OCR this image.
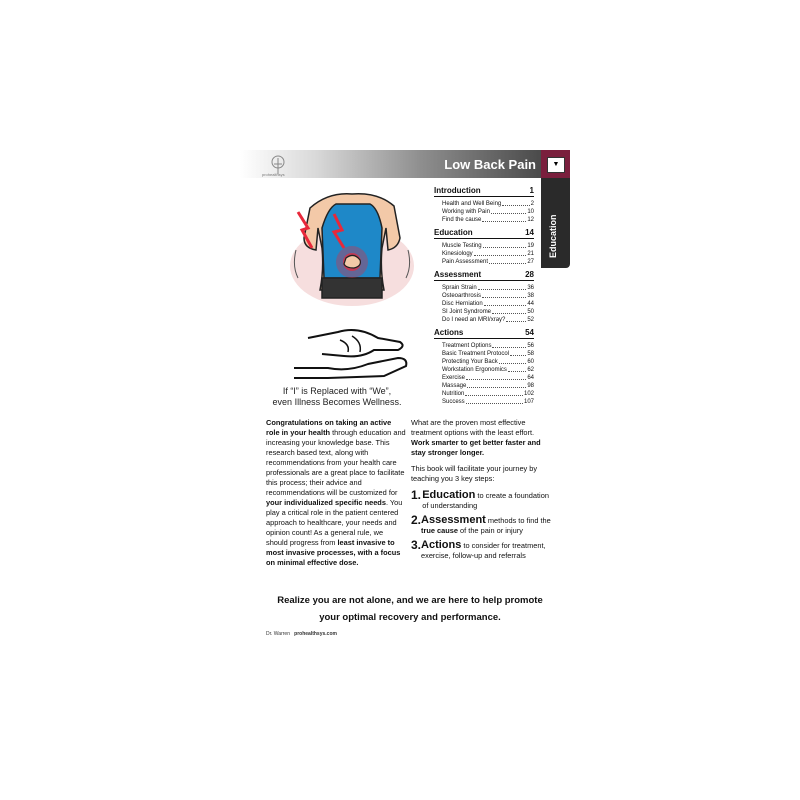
Low Back Pain
prohealthsys
▼
Education
If “I” is Replaced with “We”,
even Illness Becomes Wellness.
Introduction	1
Health and Well Being	2
Working with Pain	10
Find the cause	12
Education	14
Muscle Testing	19
Kinesiology	21
Pain Assessment	27
Assessment	28
Sprain Strain	36
Osteoarthrosis	38
Disc Herniation	44
SI Joint Syndrome	50
Do I need an MRI/xray?	52
Actions	54
Treatment Options	56
Basic Treatment Protocol	58
Protecting Your Back	60
Workstation Ergonomics	62
Exercise	64
Massage	98
Nutrition	102
Success	107

Congratulations on taking an active role in your health through education and increasing your knowledge base. This research based text, along with recommendations from your health care professionals are a great place to facilitate this process; their advice and recommendations will be customized for your individualized specific needs. You play a critical role in the patient centered approach to healthcare, your needs and opinion count! As a general rule, we should progress from least invasive to most invasive processes, with a focus on minimal effective dose.

What are the proven most effective treatment options with the least effort. Work smarter to get better faster and stay stronger longer.

This book will facilitate your journey by teaching you 3 key steps:

1. Education to create a foundation of understanding
2. Assessment methods to find the true cause of the pain or injury
3. Actions to consider for treatment, exercise, follow-up and referrals
Realize you are not alone, and we are here to help promote
your optimal recovery and performance.
Dr. Warren prohealthsys.com
